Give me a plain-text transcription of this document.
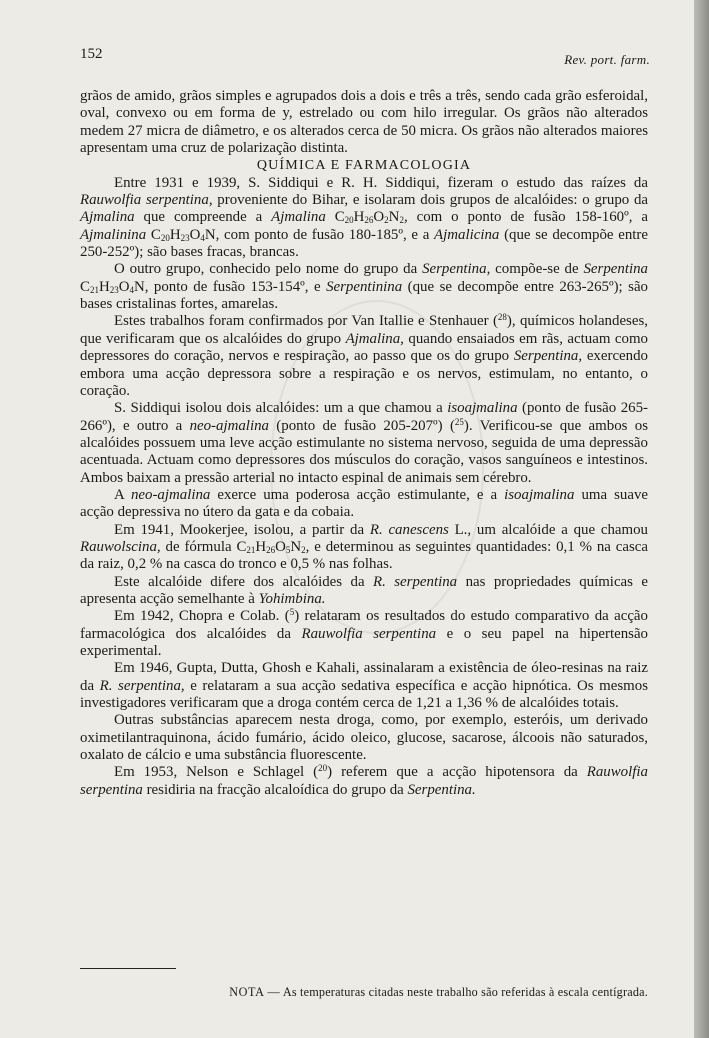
152	Rev. port. farm.

grãos de amido, grãos simples e agrupados dois a dois e três a três, sendo cada grão esferoidal, oval, convexo ou em forma de y, estrelado ou com hilo irregular. Os grãos não alterados medem 27 micra de diâmetro, e os alterados cerca de 50 micra. Os grãos não alterados maiores apresentam uma cruz de polarização distinta.

QUÍMICA E FARMACOLOGIA

Entre 1931 e 1939, S. Siddiqui e R. H. Siddiqui, fizeram o estudo das raízes da Rauwolfia serpentina, proveniente do Bihar, e isolaram dois grupos de alcalóides: o grupo da Ajmalina que compreende a Ajmalina $C_{20}H_{26}O_2N_2$, com o ponto de fusão 158-160º, a Ajmalinina $C_{20}H_{23}O_4N$, com ponto de fusão 180-185º, e a Ajmalicina (que se decompõe entre 250-252º); são bases fracas, brancas.

O outro grupo, conhecido pelo nome do grupo da Serpentina, compõe-se de Serpentina $C_{21}H_{23}O_4N$, ponto de fusão 153-154º, e Serpentinina (que se decompõe entre 263-265º); são bases cristalinas fortes, amarelas.

Estes trabalhos foram confirmados por Van Itallie e Stenhauer ($^{28}$), químicos holandeses, que verificaram que os alcalóides do grupo Ajmalina, quando ensaiados em rãs, actuam como depressores do coração, nervos e respiração, ao passo que os do grupo Serpentina, exercendo embora uma acção depressora sobre a respiração e os nervos, estimulam, no entanto, o coração.

S. Siddiqui isolou dois alcalóides: um a que chamou a isoajmalina (ponto de fusão 265-266º), e outro a neo-ajmalina (ponto de fusão 205-207º) ($^{25}$). Verificou-se que ambos os alcalóides possuem uma leve acção estimulante no sistema nervoso, seguida de uma depressão acentuada. Actuam como depressores dos músculos do coração, vasos sanguíneos e intestinos. Ambos baixam a pressão arterial no intacto espinal de animais sem cérebro.

A neo-ajmalina exerce uma poderosa acção estimulante, e a isoajmalina uma suave acção depressiva no útero da gata e da cobaia.

Em 1941, Mookerjee, isolou, a partir da R. canescens L., um alcalóide a que chamou Rauwolscina, de fórmula $C_{21}H_{26}O_5N_2$, e determinou as seguintes quantidades: 0,1 % na casca da raiz, 0,2 % na casca do tronco e 0,5 % nas folhas.

Este alcalóide difere dos alcalóides da R. serpentina nas propriedades químicas e apresenta acção semelhante à Yohimbina.

Em 1942, Chopra e Colab. ($^5$) relataram os resultados do estudo comparativo da acção farmacológica dos alcalóides da Rauwolfia serpentina e o seu papel na hipertensão experimental.

Em 1946, Gupta, Dutta, Ghosh e Kahali, assinalaram a existência de óleo-resinas na raiz da R. serpentina, e relataram a sua acção sedativa específica e acção hipnótica. Os mesmos investigadores verificaram que a droga contém cerca de 1,21 a 1,36 % de alcalóides totais.

Outras substâncias aparecem nesta droga, como, por exemplo, esteróis, um derivado oximetilantraquinona, ácido fumário, ácido oleico, glucose, sacarose, álcoois não saturados, oxalato de cálcio e uma substância fluorescente.

Em 1953, Nelson e Schlagel ($^{20}$) referem que a acção hipotensora da Rauwolfia serpentina residiria na fracção alcaloídica do grupo da Serpentina.

NOTA — As temperaturas citadas neste trabalho são referidas à escala centígrada.
